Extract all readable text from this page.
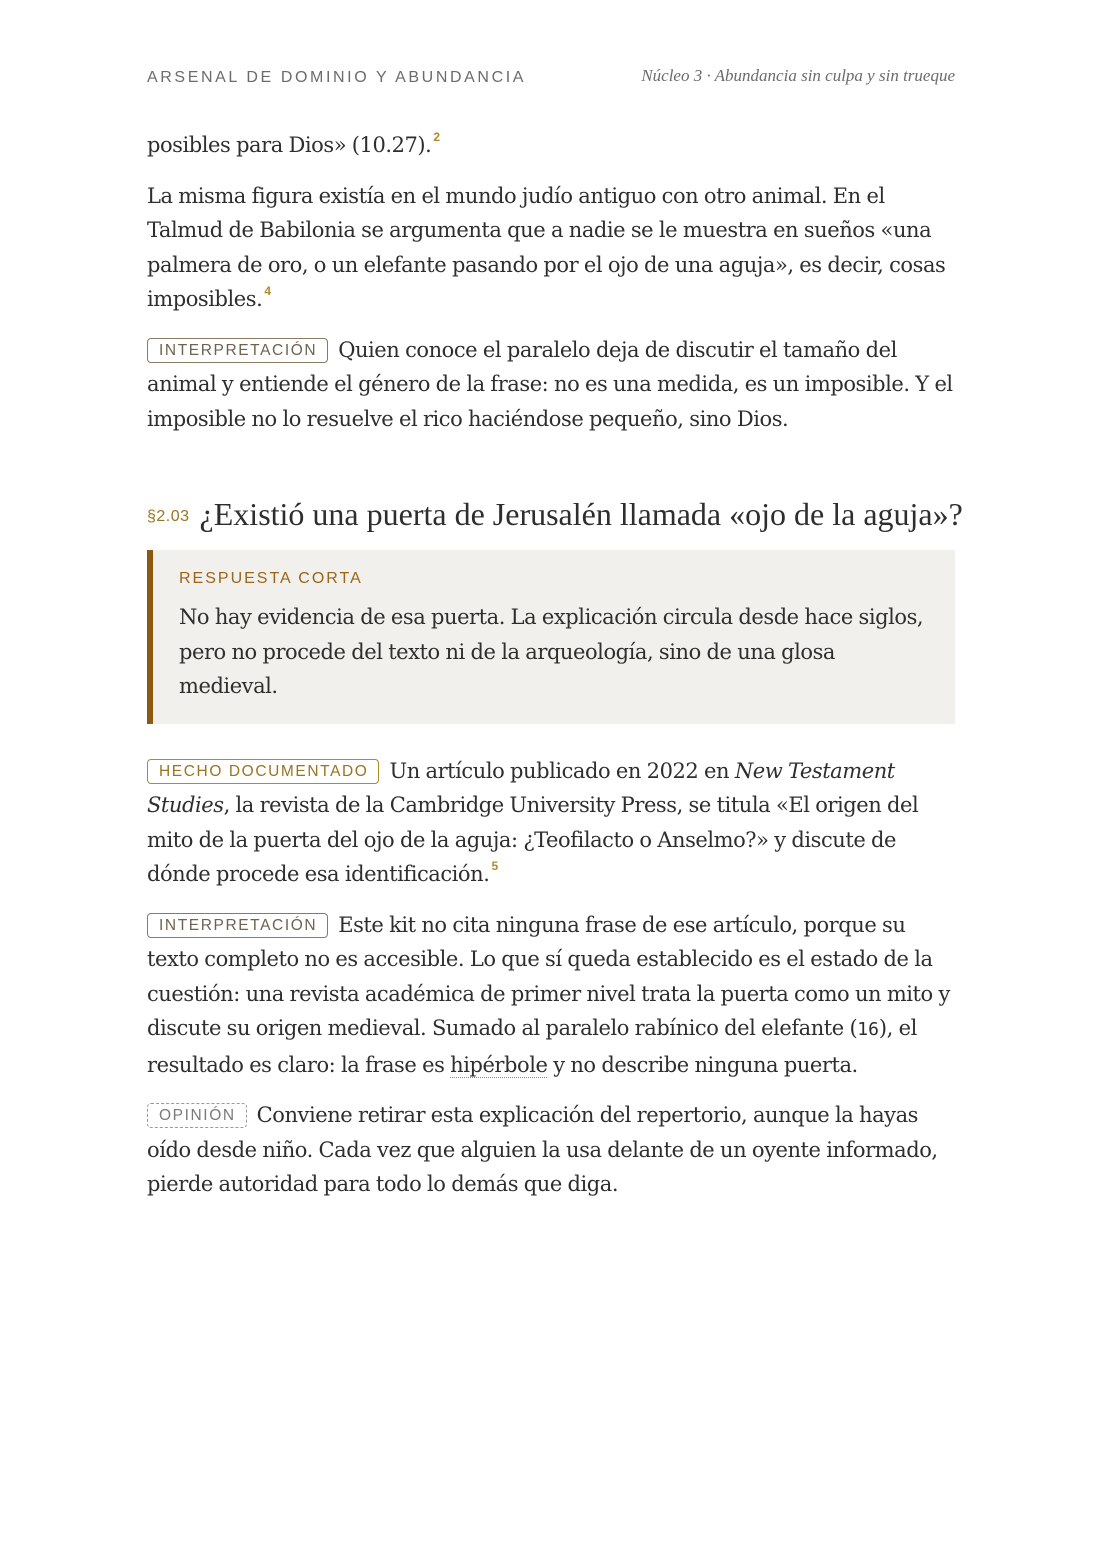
ARSENAL DE DOMINIO Y ABUNDANCIA	Núcleo 3 · Abundancia sin culpa y sin trueque

posibles para Dios» (10.27). $^2$

La misma figura existía en el mundo judío antiguo con otro animal. En el Talmud de Babilonia se argumenta que a nadie se le muestra en sueños «una palmera de oro, o un elefante pasando por el ojo de una aguja», es decir, cosas imposibles. $^4$

INTERPRETACIÓN Quien conoce el paralelo deja de discutir el tamaño del animal y entiende el género de la frase: no es una medida, es un imposible. Y el imposible no lo resuelve el rico haciéndose pequeño, sino Dios.

§2.03 ¿Existió una puerta de Jerusalén llamada «ojo de la aguja»?
RESPUESTA CORTA

No hay evidencia de esa puerta. La explicación circula desde hace siglos, pero no procede del texto ni de la arqueología, sino de una glosa medieval.

HECHO DOCUMENTADO Un artículo publicado en 2022 en New Testament Studies, la revista de la Cambridge University Press, se titula «El origen del mito de la puerta del ojo de la aguja: ¿Teofilacto o Anselmo?» y discute de dónde procede esa identificación. $^5$

INTERPRETACIÓN Este kit no cita ninguna frase de ese artículo, porque su texto completo no es accesible. Lo que sí queda establecido es el estado de la cuestión: una revista académica de primer nivel trata la puerta como un mito y discute su origen medieval. Sumado al paralelo rabínico del elefante (16), el resultado es claro: la frase es hipérbole y no describe ninguna puerta.

OPINIÓN Conviene retirar esta explicación del repertorio, aunque la hayas oído desde niño. Cada vez que alguien la usa delante de un oyente informado, pierde autoridad para todo lo demás que diga.
